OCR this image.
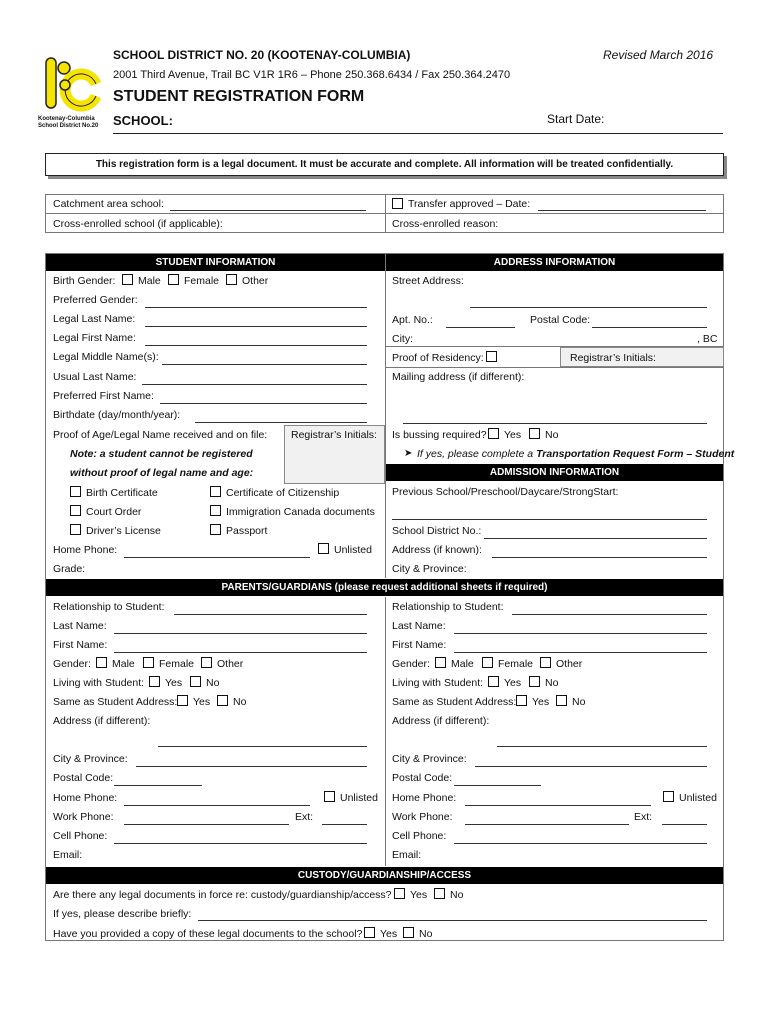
Kootenay-Columbia
School District No.20
SCHOOL DISTRICT NO. 20 (KOOTENAY-COLUMBIA)	Revised March 2016
2001 Third Avenue, Trail BC V1R 1R6 – Phone 250.368.6434 / Fax 250.364.2470
STUDENT REGISTRATION FORM
SCHOOL:	Start Date:
This registration form is a legal document. It must be accurate and complete. All information will be treated confidentially.
Catchment area school:	Transfer approved – Date:
Cross-enrolled school (if applicable):	Cross-enrolled reason:
STUDENT INFORMATION
Birth Gender: Male Female Other
Preferred Gender:
Legal Last Name:
Legal First Name:
Legal Middle Name(s):
Usual Last Name:
Preferred First Name:
Birthdate (day/month/year):
Proof of Age/Legal Name received and on file: Registrar’s Initials:
Note: a student cannot be registered
without proof of legal name and age:
Birth Certificate	Certificate of Citizenship
Court Order	Immigration Canada documents
Driver’s License	Passport
Home Phone:	Unlisted
Grade:
ADDRESS INFORMATION
Street Address:
Apt. No.:	Postal Code:
City:	, BC
Proof of Residency:	Registrar’s Initials:
Mailing address (if different):
Is bussing required? Yes No
➤ If yes, please complete a Transportation Request Form – Student
ADMISSION INFORMATION
Previous School/Preschool/Daycare/StrongStart:
School District No.:
Address (if known):
City & Province:
PARENTS/GUARDIANS (please request additional sheets if required)
Relationship to Student:
Last Name:
First Name:
Gender: Male Female Other
Living with Student: Yes No
Same as Student Address: Yes No
Address (if different):
City & Province:
Postal Code:
Home Phone:	Unlisted
Work Phone:	Ext:
Cell Phone:
Email:
Relationship to Student:
Last Name:
First Name:
Gender: Male Female Other
Living with Student: Yes No
Same as Student Address: Yes No
Address (if different):
City & Province:
Postal Code:
Home Phone:	Unlisted
Work Phone:	Ext:
Cell Phone:
Email:
CUSTODY/GUARDIANSHIP/ACCESS
Are there any legal documents in force re: custody/guardianship/access? Yes No
If yes, please describe briefly:
Have you provided a copy of these legal documents to the school? Yes No
